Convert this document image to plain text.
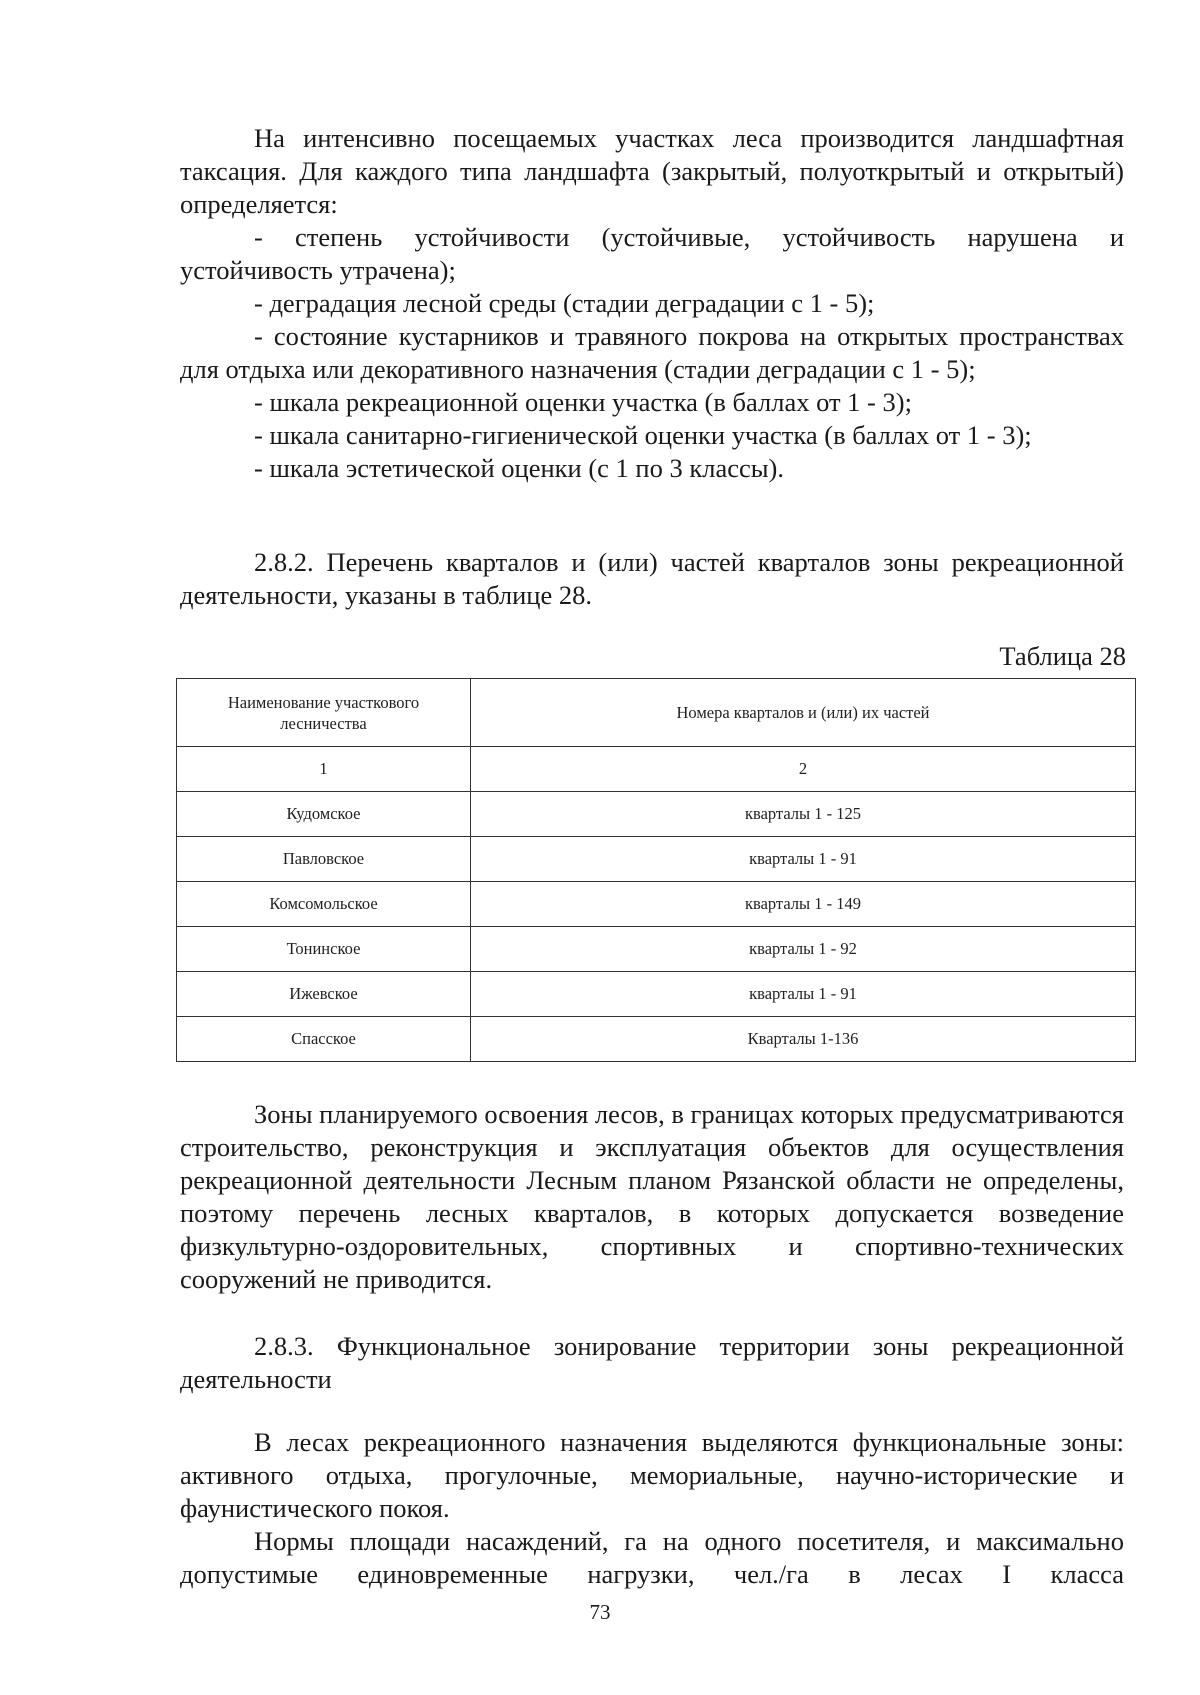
На интенсивно посещаемых участках леса производится ландшафтная таксация. Для каждого типа ландшафта (закрытый, полуоткрытый и открытый) определяется:

- степень устойчивости (устойчивые, устойчивость нарушена и устойчивость утрачена);

- деградация лесной среды (стадии деградации с 1 - 5);

- состояние кустарников и травяного покрова на открытых пространствах для отдыха или декоративного назначения (стадии деградации с 1 - 5);

- шкала рекреационной оценки участка (в баллах от 1 - 3);

- шкала санитарно-гигиенической оценки участка (в баллах от 1 - 3);

- шкала эстетической оценки (с 1 по 3 классы).

2.8.2. Перечень кварталов и (или) частей кварталов зоны рекреационной деятельности, указаны в таблице 28.

Таблица 28
Наименование участкового лесничества	Номера кварталов и (или) их частей
1	2
Кудомское	кварталы 1 - 125
Павловское	кварталы 1 - 91
Комсомольское	кварталы 1 - 149
Тонинское	кварталы 1 - 92
Ижевское	кварталы 1 - 91
Спасское	Кварталы 1-136

Зоны планируемого освоения лесов, в границах которых предусматриваются строительство, реконструкция и эксплуатация объектов для осуществления рекреационной деятельности Лесным планом Рязанской области не определены, поэтому перечень лесных кварталов, в которых допускается возведение физкультурно-оздоровительных, спортивных и спортивно-технических сооружений не приводится.

2.8.3. Функциональное зонирование территории зоны рекреационной деятельности

В лесах рекреационного назначения выделяются функциональные зоны: активного отдыха, прогулочные, мемориальные, научно-исторические и фаунистического покоя.

Нормы площади насаждений, га на одного посетителя, и максимально допустимые единовременные нагрузки, чел./га в лесах I класса

73
